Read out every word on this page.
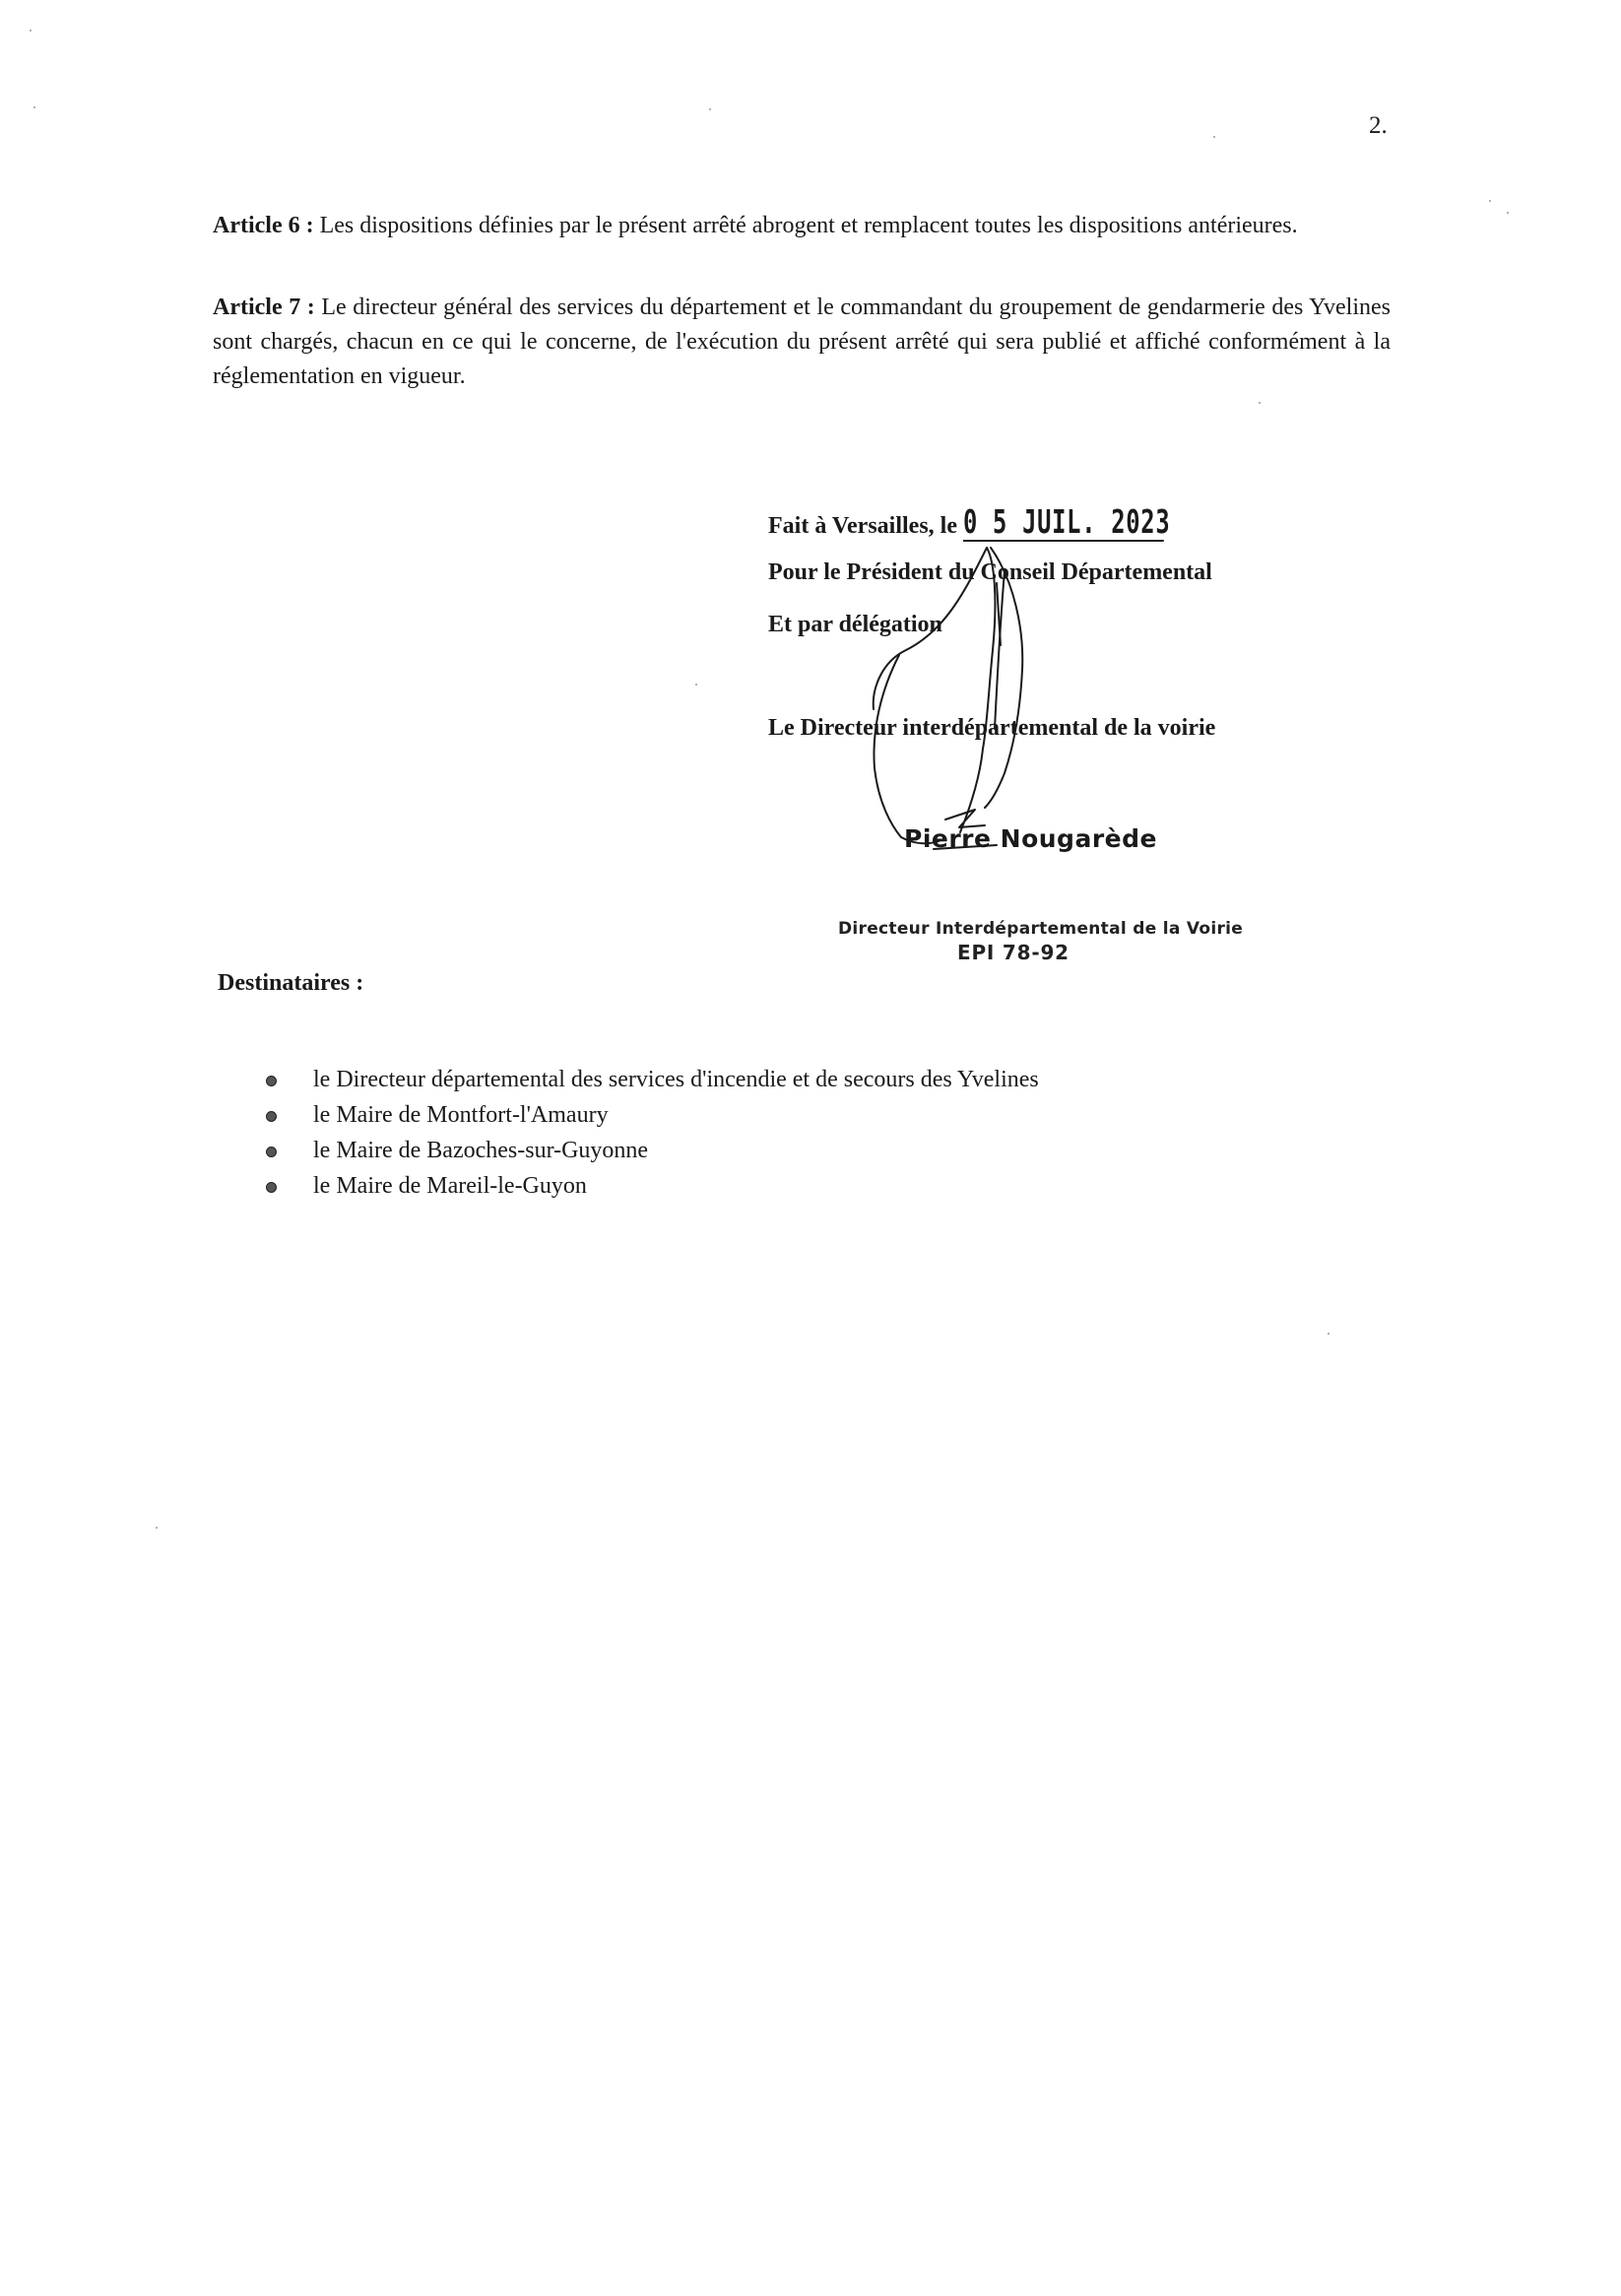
2.

Article 6 : Les dispositions définies par le présent arrêté abrogent et remplacent toutes les dispositions antérieures.

Article 7 : Le directeur général des services du département et le commandant du groupement de gendarmerie des Yvelines sont chargés, chacun en ce qui le concerne, de l'exécution du présent arrêté qui sera publié et affiché conformément à la réglementation en vigueur.

Fait à Versailles, le 0 5 JUIL. 2023
Pour le Président du Conseil Départemental
Et par délégation
Le Directeur interdépartemental de la voirie
Pierre Nougarède
Directeur Interdépartemental de la Voirie
EPI 78-92
Destinataires :
le Directeur départemental des services d'incendie et de secours des Yvelines
le Maire de Montfort-l'Amaury
le Maire de Bazoches-sur-Guyonne
le Maire de Mareil-le-Guyon
